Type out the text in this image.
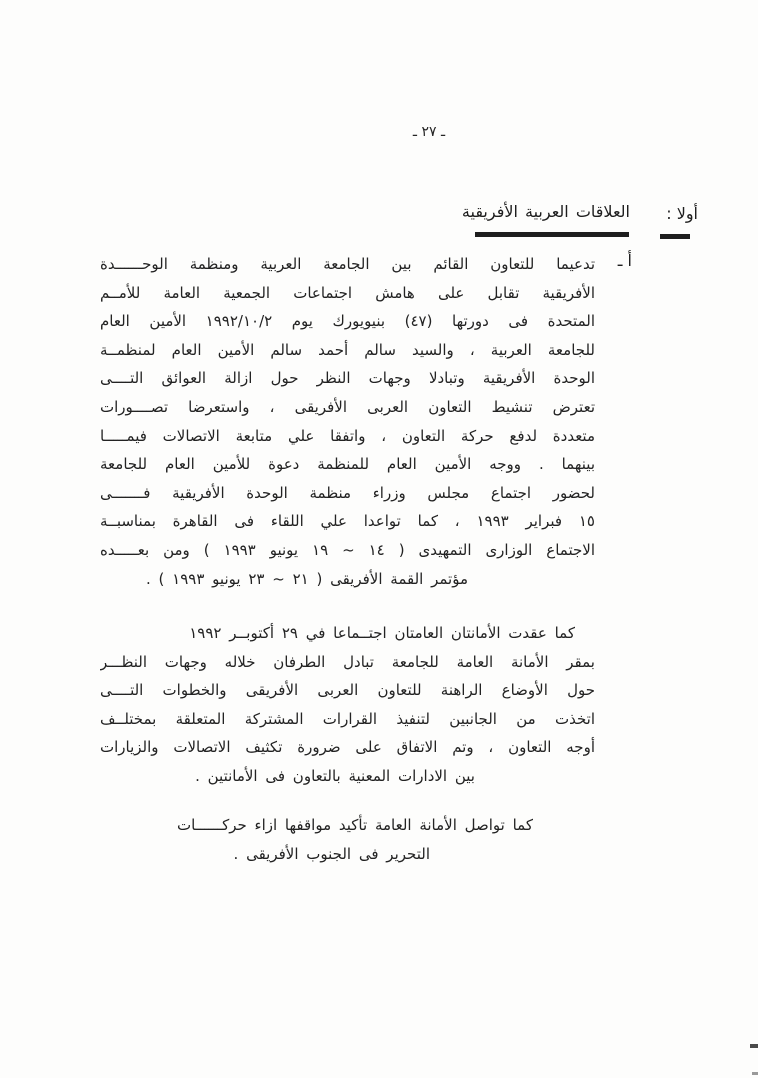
ـ ٢٧ ـ
أولا :
العلاقات العربية الأفريقية
أ ـ
تدعيما للتعاون القائم بين الجامعة العربية ومنظمة الوحــــــدة
الأفريقية تقابل على هامش اجتماعات الجمعية العامة للأمــم
المتحدة فى دورتها (٤٧) بنيويورك يوم ١٩٩٢/١٠/٢ الأمين العام
للجامعة العربية ، والسيد سالم أحمد سالم الأمين العام لمنظمــة
الوحدة الأفريقية وتبادلا وجهات النظر حول ازالة العوائق التــــى
تعترض تنشيط التعاون العربى الأفريقى ، واستعرضا تصــــورات
متعددة لدفع حركة التعاون ، واتفقا علي متابعة الاتصالات فيمـــــا
بينهما . ووجه الأمين العام للمنظمة دعوة للأمين العام للجامعة
لحضور اجتماع مجلس وزراء منظمة الوحدة الأفريقية فـــــــى
١٥ فبراير ١٩٩٣ ، كما تواعدا علي اللقاء فى القاهرة بمناسبــة
الاجتماع الوزارى التمهيدى ( ١٤ ~ ١٩ يونيو ١٩٩٣ ) ومن بعـــــده
مؤتمر القمة الأفريقى ( ٢١ ~ ٢٣ يونيو ١٩٩٣ ) .
كما عقدت الأمانتان العامتان اجتــماعا في ٢٩ أكتوبــر ١٩٩٢
بمقر الأمانة العامة للجامعة تبادل الطرفان خلاله وجهات النظـــر
حول الأوضاع الراهنة للتعاون العربى الأفريقى والخطوات التــــى
اتخذت من الجانبين لتنفيذ القرارات المشتركة المتعلقة بمختلــف
أوجه التعاون ، وتم الاتفاق على ضرورة تكثيف الاتصالات والزيارات
بين الادارات المعنية بالتعاون فى الأمانتين .
كما تواصل الأمانة العامة تأكيد مواقفها ازاء حركــــــات
التحرير فى الجنوب الأفريقى .
